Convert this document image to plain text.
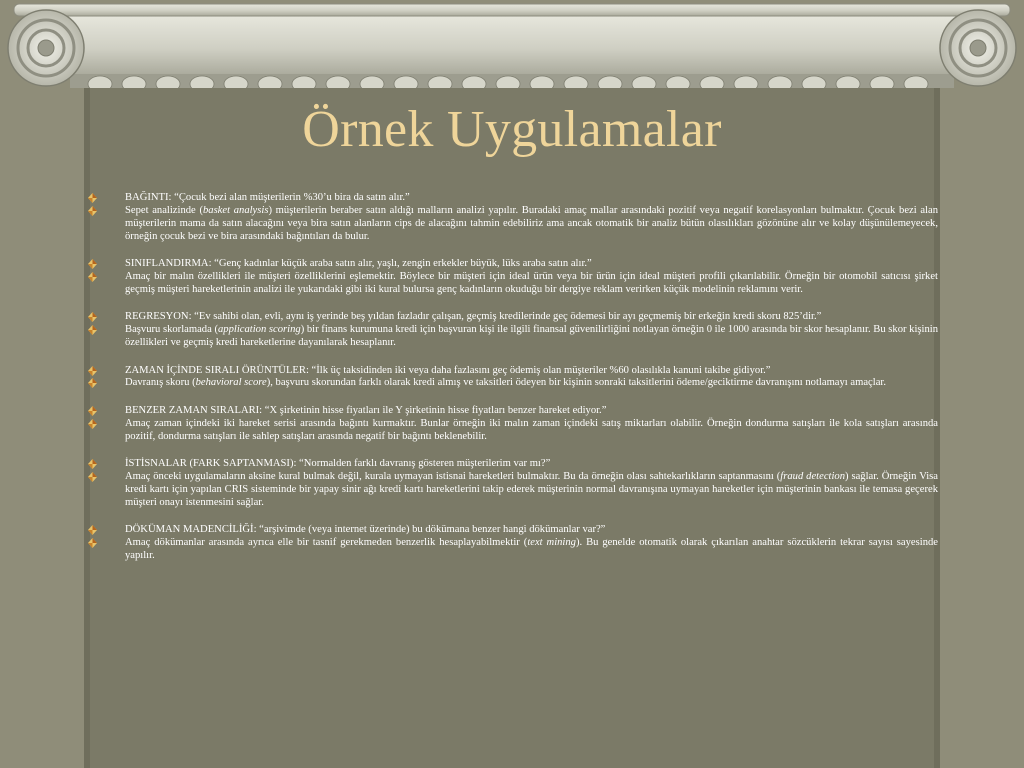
Örnek Uygulamalar
BAĞINTI: “Çocuk bezi alan müşterilerin %30’u bira da satın alır.”
Sepet analizinde (basket analysis) müşterilerin beraber satın aldığı malların analizi yapılır. Buradaki amaç mallar arasındaki pozitif veya negatif korelasyonları bulmaktır. Çocuk bezi alan müşterilerin mama da satın alacağını veya bira satın alanların cips de alacağını tahmin edebiliriz ama ancak otomatik bir analiz bütün olasılıkları gözönüne alır ve kolay düşünülemeyecek, örneğin çocuk bezi ve bira arasındaki bağıntıları da bulur.
SINIFLANDIRMA: “Genç kadınlar küçük araba satın alır, yaşlı, zengin erkekler büyük, lüks araba satın alır.”
Amaç bir malın özellikleri ile müşteri özelliklerini eşlemektir. Böylece bir müşteri için ideal ürün veya bir ürün için ideal müşteri profili çıkarılabilir. Örneğin bir otomobil satıcısı şirket geçmiş müşteri hareketlerinin analizi ile yukarıdaki gibi iki kural bulursa genç kadınların okuduğu bir dergiye reklam verirken küçük modelinin reklamını verir.
REGRESYON: “Ev sahibi olan, evli, aynı iş yerinde beş yıldan fazladır çalışan, geçmiş kredilerinde geç ödemesi bir ayı geçmemiş bir erkeğin kredi skoru 825’dir.”
Başvuru skorlamada (application scoring) bir finans kurumuna kredi için başvuran kişi ile ilgili finansal güvenilirliğini notlayan örneğin 0 ile 1000 arasında bir skor hesaplanır. Bu skor kişinin özellikleri ve geçmiş kredi hareketlerine dayanılarak hesaplanır.
ZAMAN İÇİNDE SIRALI ÖRÜNTÜLER: “İlk üç taksidinden iki veya daha fazlasını geç ödemiş olan müşteriler %60 olasılıkla kanuni takibe gidiyor.”
Davranış skoru (behavioral score), başvuru skorundan farklı olarak kredi almış ve taksitleri ödeyen bir kişinin sonraki taksitlerini ödeme/geciktirme davranışını notlamayı amaçlar.
BENZER ZAMAN SIRALARI: “X şirketinin hisse fiyatları ile Y şirketinin hisse fiyatları benzer hareket ediyor.”
Amaç zaman içindeki iki hareket serisi arasında bağıntı kurmaktır. Bunlar örneğin iki malın zaman içindeki satış miktarları olabilir. Örneğin dondurma satışları ile kola satışları arasında pozitif, dondurma satışları ile sahlep satışları arasında negatif bir bağıntı beklenebilir.
İSTİSNALAR (FARK SAPTANMASI): “Normalden farklı davranış gösteren müşterilerim var mı?”
Amaç önceki uygulamaların aksine kural bulmak değil, kurala uymayan istisnai hareketleri bulmaktır. Bu da örneğin olası sahtekarlıkların saptanmasını (fraud detection) sağlar. Örneğin Visa kredi kartı için yapılan CRIS sisteminde bir yapay sinir ağı kredi kartı hareketlerini takip ederek müşterinin normal davranışına uymayan hareketler için müşterinin bankası ile temasa geçerek müşteri onayı istenmesini sağlar.
DÖKÜMAN MADENCİLİĞİ: “arşivimde (veya internet üzerinde) bu dökümana benzer hangi dökümanlar var?”
Amaç dökümanlar arasında ayrıca elle bir tasnif gerekmeden benzerlik hesaplayabilmektir (text mining). Bu genelde otomatik olarak çıkarılan anahtar sözcüklerin tekrar sayısı sayesinde yapılır.
